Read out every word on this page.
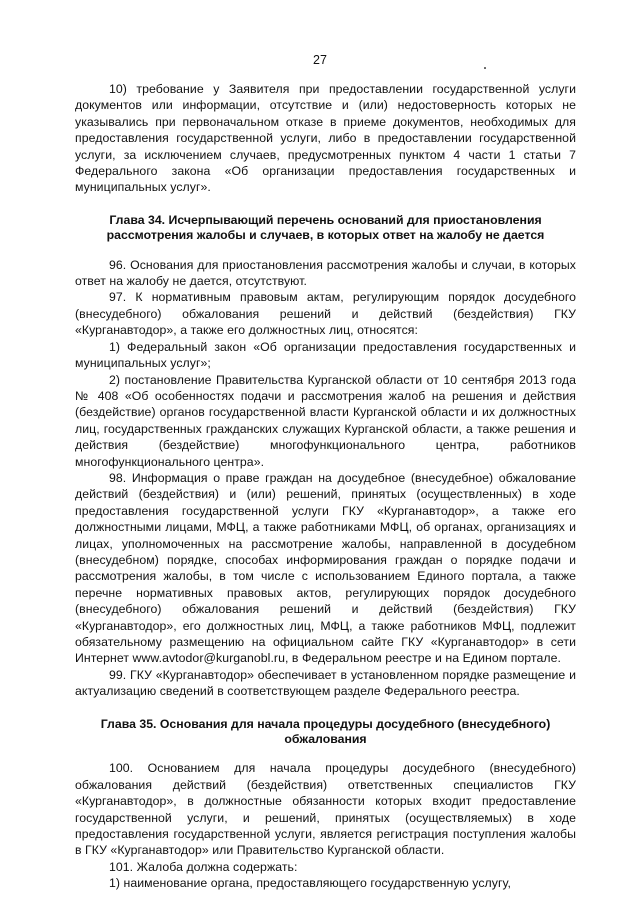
27

10) требование у Заявителя при предоставлении государственной услуги документов или информации, отсутствие и (или) недостоверность которых не указывались при первоначальном отказе в приеме документов, необходимых для предоставления государственной услуги, либо в предоставлении государственной услуги, за исключением случаев, предусмотренных пунктом 4 части 1 статьи 7 Федерального закона «Об организации предоставления государственных и муниципальных услуг».

Глава 34. Исчерпывающий перечень оснований для приостановления рассмотрения жалобы и случаев, в которых ответ на жалобу не дается

96. Основания для приостановления рассмотрения жалобы и случаи, в которых ответ на жалобу не дается, отсутствуют.

97. К нормативным правовым актам, регулирующим порядок досудебного (внесудебного) обжалования решений и действий (бездействия) ГКУ «Курганавтодор», а также его должностных лиц, относятся:

1) Федеральный закон «Об организации предоставления государственных и муниципальных услуг»;

2) постановление Правительства Курганской области от 10 сентября 2013 года № 408 «Об особенностях подачи и рассмотрения жалоб на решения и действия (бездействие) органов государственной власти Курганской области и их должностных лиц, государственных гражданских служащих Курганской области, а также решения и действия (бездействие) многофункционального центра, работников многофункционального центра».

98. Информация о праве граждан на досудебное (внесудебное) обжалование действий (бездействия) и (или) решений, принятых (осуществленных) в ходе предоставления государственной услуги ГКУ «Курганавтодор», а также его должностными лицами, МФЦ, а также работниками МФЦ, об органах, организациях и лицах, уполномоченных на рассмотрение жалобы, направленной в досудебном (внесудебном) порядке, способах информирования граждан о порядке подачи и рассмотрения жалобы, в том числе с использованием Единого портала, а также перечне нормативных правовых актов, регулирующих порядок досудебного (внесудебного) обжалования решений и действий (бездействия) ГКУ «Курганавтодор», его должностных лиц, МФЦ, а также работников МФЦ, подлежит обязательному размещению на официальном сайте ГКУ «Курганавтодор» в сети Интернет www.avtodor@kurganobl.ru, в Федеральном реестре и на Едином портале.

99. ГКУ «Курганавтодор» обеспечивает в установленном порядке размещение и актуализацию сведений в соответствующем разделе Федерального реестра.

Глава 35. Основания для начала процедуры досудебного (внесудебного) обжалования

100. Основанием для начала процедуры досудебного (внесудебного) обжалования действий (бездействия) ответственных специалистов ГКУ «Курганавтодор», в должностные обязанности которых входит предоставление государственной услуги, и решений, принятых (осуществляемых) в ходе предоставления государственной услуги, является регистрация поступления жалобы в ГКУ «Курганавтодор» или Правительство Курганской области.

101. Жалоба должна содержать:

1) наименование органа, предоставляющего государственную услугу,
